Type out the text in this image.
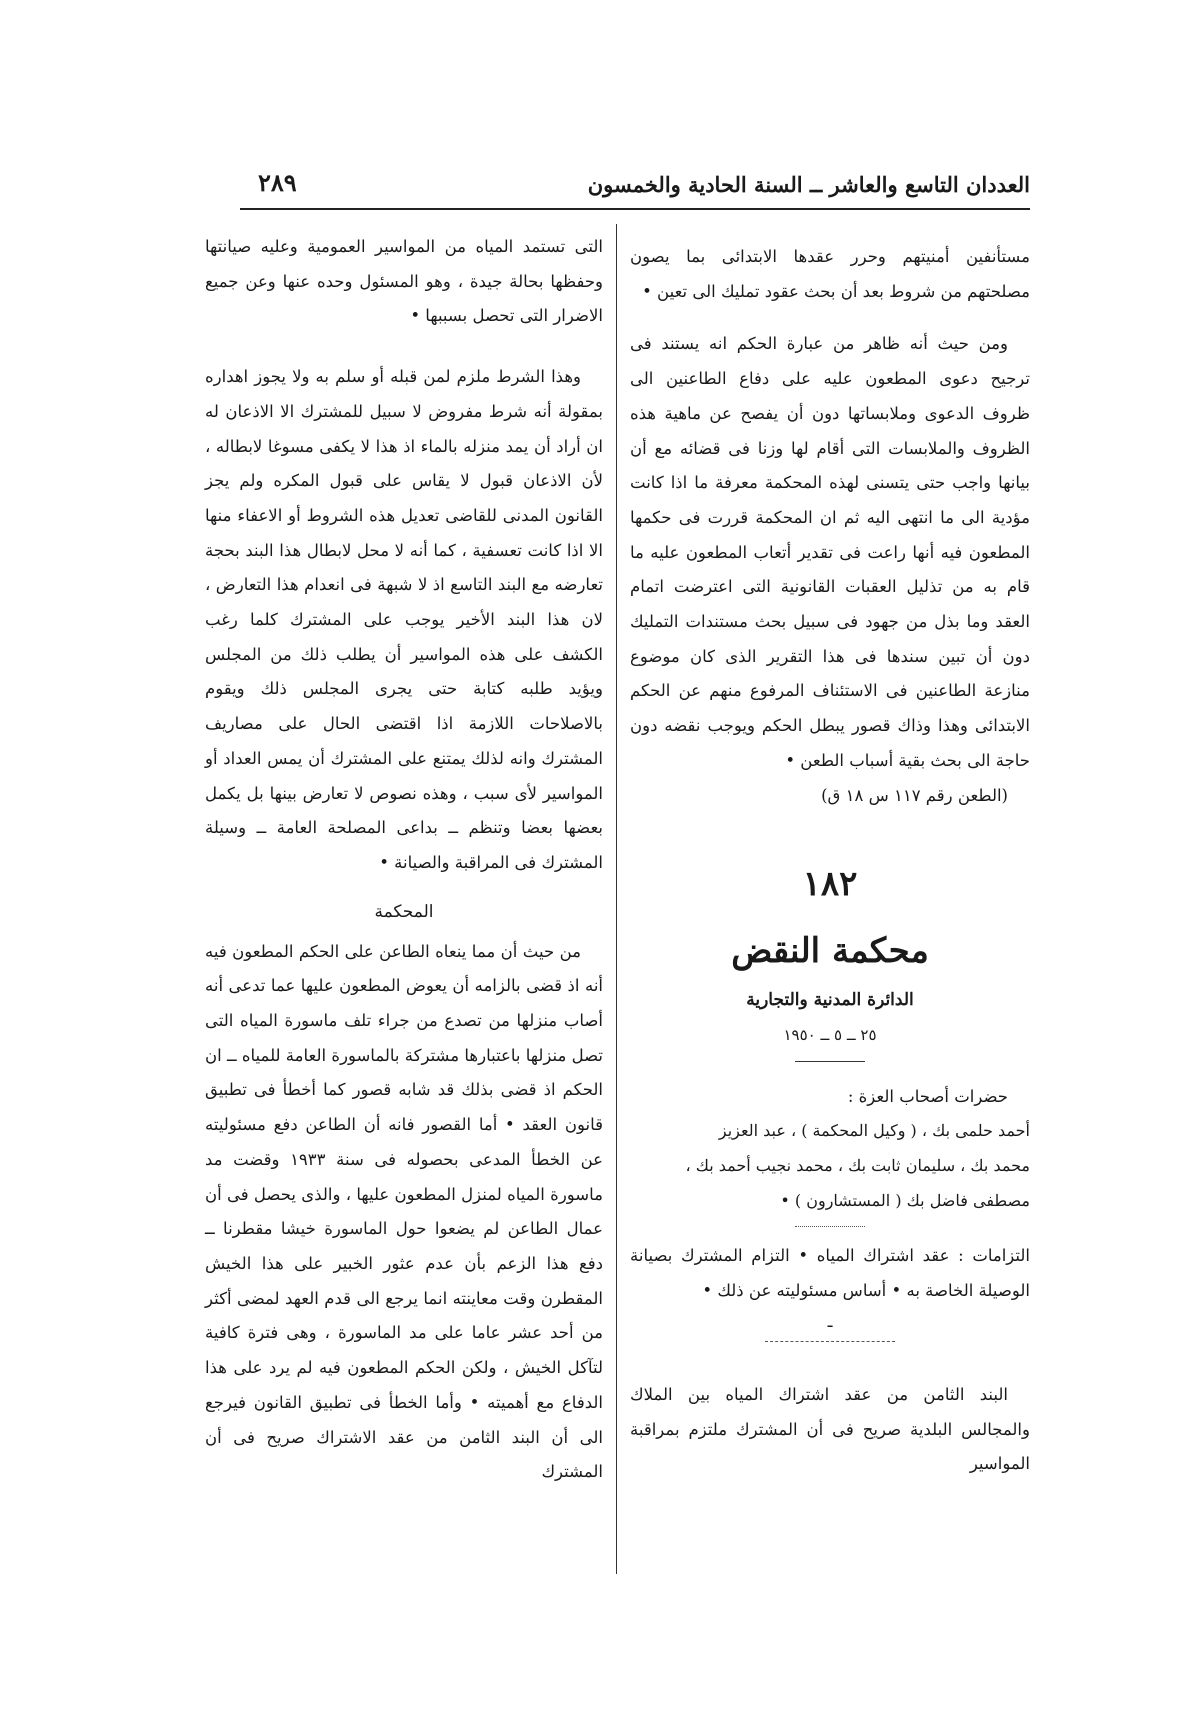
العددان التاسع والعاشر ــ السنة الحادية والخمسون
٢٨٩

مستأنفين أمنيتهم وحرر عقدها الابتدائى بما يصون مصلحتهم من شروط بعد أن بحث عقود تمليك الى تعين •

ومن حيث أنه ظاهر من عبارة الحكم انه يستند فى ترجيح دعوى المطعون عليه على دفاع الطاعنين الى ظروف الدعوى وملابساتها دون أن يفصح عن ماهية هذه الظروف والملابسات التى أقام لها وزنا فى قضائه مع أن بيانها واجب حتى يتسنى لهذه المحكمة معرفة ما اذا كانت مؤدية الى ما انتهى اليه ثم ان المحكمة قررت فى حكمها المطعون فيه أنها راعت فى تقدير أتعاب المطعون عليه ما قام به من تذليل العقبات القانونية التى اعترضت اتمام العقد وما بذل من جهود فى سبيل بحث مستندات التمليك دون أن تبين سندها فى هذا التقرير الذى كان موضوع منازعة الطاعنين فى الاستئناف المرفوع منهم عن الحكم الابتدائى وهذا وذاك قصور يبطل الحكم ويوجب نقضه دون حاجة الى بحث بقية أسباب الطعن •

(الطعن رقم ١١٧ س ١٨ ق)

١٨٢
محكمة النقض
الدائرة المدنية والتجارية
٢٥ ــ ٥ ــ ١٩٥٠

حضرات أصحاب العزة :

أحمد حلمى بك ، ( وكيل المحكمة ) ، عبد العزيز

محمد بك ، سليمان ثابت بك ، محمد نجيب أحمد بك ،

مصطفى فاضل بك ( المستشارون ) •

التزامات : عقد اشتراك المياه • التزام المشترك بصيانة الوصيلة الخاصة به • أساس مسئوليته عن ذلك •

ـ

البند الثامن من عقد اشتراك المياه بين الملاك والمجالس البلدية صريح فى أن المشترك ملتزم بمراقبة المواسير

التى تستمد المياه من المواسير العمومية وعليه صيانتها وحفظها بحالة جيدة ، وهو المسئول وحده عنها وعن جميع الاضرار التى تحصل بسببها •

وهذا الشرط ملزم لمن قبله أو سلم به ولا يجوز اهداره بمقولة أنه شرط مفروض لا سبيل للمشترك الا الاذعان له ان أراد أن يمد منزله بالماء اذ هذا لا يكفى مسوغا لابطاله ، لأن الاذعان قبول لا يقاس على قبول المكره ولم يجز القانون المدنى للقاضى تعديل هذه الشروط أو الاعفاء منها الا اذا كانت تعسفية ، كما أنه لا محل لابطال هذا البند بحجة تعارضه مع البند التاسع اذ لا شبهة فى انعدام هذا التعارض ، لان هذا البند الأخير يوجب على المشترك كلما رغب الكشف على هذه المواسير أن يطلب ذلك من المجلس ويؤيد طلبه كتابة حتى يجرى المجلس ذلك ويقوم بالاصلاحات اللازمة اذا اقتضى الحال على مصاريف المشترك وانه لذلك يمتنع على المشترك أن يمس العداد أو المواسير لأى سبب ، وهذه نصوص لا تعارض بينها بل يكمل بعضها بعضا وتنظم ــ بداعى المصلحة العامة ــ وسيلة المشترك فى المراقبة والصيانة •

المحكمة

من حيث أن مما ينعاه الطاعن على الحكم المطعون فيه أنه اذ قضى بالزامه أن يعوض المطعون عليها عما تدعى أنه أصاب منزلها من تصدع من جراء تلف ماسورة المياه التى تصل منزلها باعتبارها مشتركة بالماسورة العامة للمياه ــ ان الحكم اذ قضى بذلك قد شابه قصور كما أخطأ فى تطبيق قانون العقد • أما القصور فانه أن الطاعن دفع مسئوليته عن الخطأ المدعى بحصوله فى سنة ١٩٣٣ وقضت مد ماسورة المياه لمنزل المطعون عليها ، والذى يحصل فى أن عمال الطاعن لم يضعوا حول الماسورة خيشا مقطرنا ــ دفع هذا الزعم بأن عدم عثور الخبير على هذا الخيش المقطرن وقت معاينته انما يرجع الى قدم العهد لمضى أكثر من أحد عشر عاما على مد الماسورة ، وهى فترة كافية لتآكل الخيش ، ولكن الحكم المطعون فيه لم يرد على هذا الدفاع مع أهميته • وأما الخطأ فى تطبيق القانون فيرجع الى أن البند الثامن من عقد الاشتراك صريح فى أن المشترك
